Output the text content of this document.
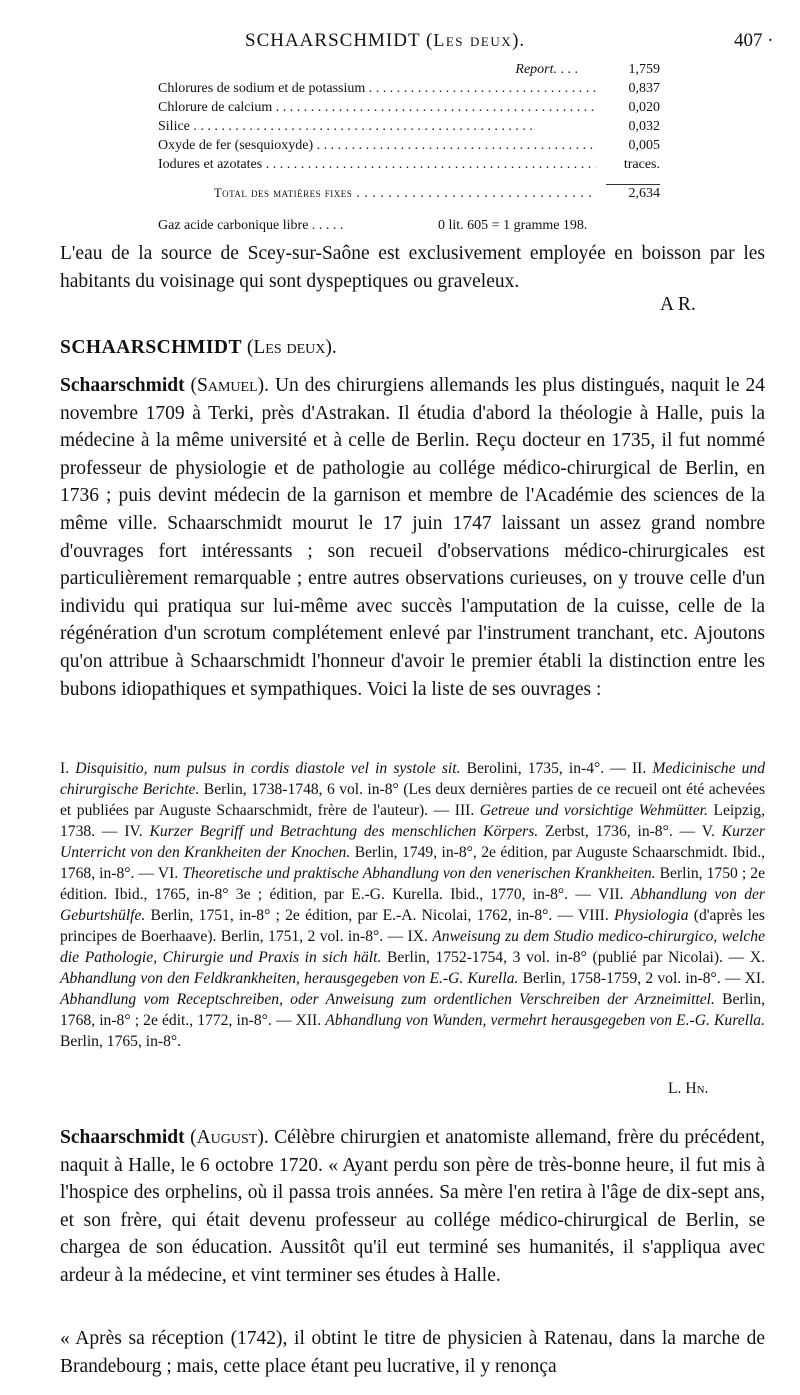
SCHAARSCHMIDT (Les deux).	407 ·
Report. . . .	1,759
Chlorures de sodium et de potassium . . .	0,837
Chlorure de calcium . . .	0,020
Silice . . .	0,032
Oxyde de fer (sesquioxyde) . . .	0,005
Iodures et azotates . . .	traces.
Total des matières fixes . . .	2,634
Gaz acide carbonique libre . . .	0 lit. 605 = 1 gramme 198.

L'eau de la source de Scey-sur-Saône est exclusivement employée en boisson par les habitants du voisinage qui sont dyspeptiques ou graveleux.

A R.
SCHAARSCHMIDT (Les deux).

Schaarschmidt (Samuel). Un des chirurgiens allemands les plus distingués, naquit le 24 novembre 1709 à Terki, près d'Astrakan. Il étudia d'abord la théologie à Halle, puis la médecine à la même université et à celle de Berlin. Reçu docteur en 1735, il fut nommé professeur de physiologie et de pathologie au collége médico-chirurgical de Berlin, en 1736 ; puis devint médecin de la garnison et membre de l'Académie des sciences de la même ville. Schaarschmidt mourut le 17 juin 1747 laissant un assez grand nombre d'ouvrages fort intéressants ; son recueil d'observations médico-chirurgicales est particulièrement remarquable ; entre autres observations curieuses, on y trouve celle d'un individu qui pratiqua sur lui-même avec succès l'amputation de la cuisse, celle de la régénération d'un scrotum complétement enlevé par l'instrument tranchant, etc. Ajoutons qu'on attribue à Schaarschmidt l'honneur d'avoir le premier établi la distinction entre les bubons idiopathiques et sympathiques. Voici la liste de ses ouvrages :

I. Disquisitio, num pulsus in cordis diastole vel in systole sit. Berolini, 1735, in-4°. — II. Medicinische und chirurgische Berichte. Berlin, 1738-1748, 6 vol. in-8° (Les deux dernières parties de ce recueil ont été achevées et publiées par Auguste Schaarschmidt, frère de l'auteur). — III. Getreue und vorsichtige Wehmütter. Leipzig, 1738. — IV. Kurzer Begriff und Betrachtung des menschlichen Körpers. Zerbst, 1736, in-8°. — V. Kurzer Unterricht von den Krankheiten der Knochen. Berlin, 1749, in-8°, 2e édition, par Auguste Schaarschmidt. Ibid., 1768, in-8°. — VI. Theoretische und praktische Abhandlung von den venerischen Krankheiten. Berlin, 1750 ; 2e édition. Ibid., 1765, in-8° 3e ; édition, par E.-G. Kurella. Ibid., 1770, in-8°. — VII. Abhandlung von der Geburtshülfe. Berlin, 1751, in-8° ; 2e édition, par E.-A. Nicolai, 1762, in-8°. — VIII. Physiologia (d'après les principes de Boerhaave). Berlin, 1751, 2 vol. in-8°. — IX. Anweisung zu dem Studio medico-chirurgico, welche die Pathologie, Chirurgie und Praxis in sich hält. Berlin, 1752-1754, 3 vol. in-8° (publié par Nicolai). — X. Abhandlung von den Feldkrankheiten, herausgegeben von E.-G. Kurella. Berlin, 1758-1759, 2 vol. in-8°. — XI. Abhandlung vom Receptschreiben, oder Anweisung zum ordentlichen Verschreiben der Arzneimittel. Berlin, 1768, in-8° ; 2e édit., 1772, in-8°. — XII. Abhandlung von Wunden, vermehrt herausgegeben von E.-G. Kurella. Berlin, 1765, in-8°.
L. Hn.

Schaarschmidt (August). Célèbre chirurgien et anatomiste allemand, frère du précédent, naquit à Halle, le 6 octobre 1720. « Ayant perdu son père de très-bonne heure, il fut mis à l'hospice des orphelins, où il passa trois années. Sa mère l'en retira à l'âge de dix-sept ans, et son frère, qui était devenu professeur au collége médico-chirurgical de Berlin, se chargea de son éducation. Aussitôt qu'il eut terminé ses humanités, il s'appliqua avec ardeur à la médecine, et vint terminer ses études à Halle.

« Après sa réception (1742), il obtint le titre de physicien à Ratenau, dans la marche de Brandebourg ; mais, cette place étant peu lucrative, il y renonça
